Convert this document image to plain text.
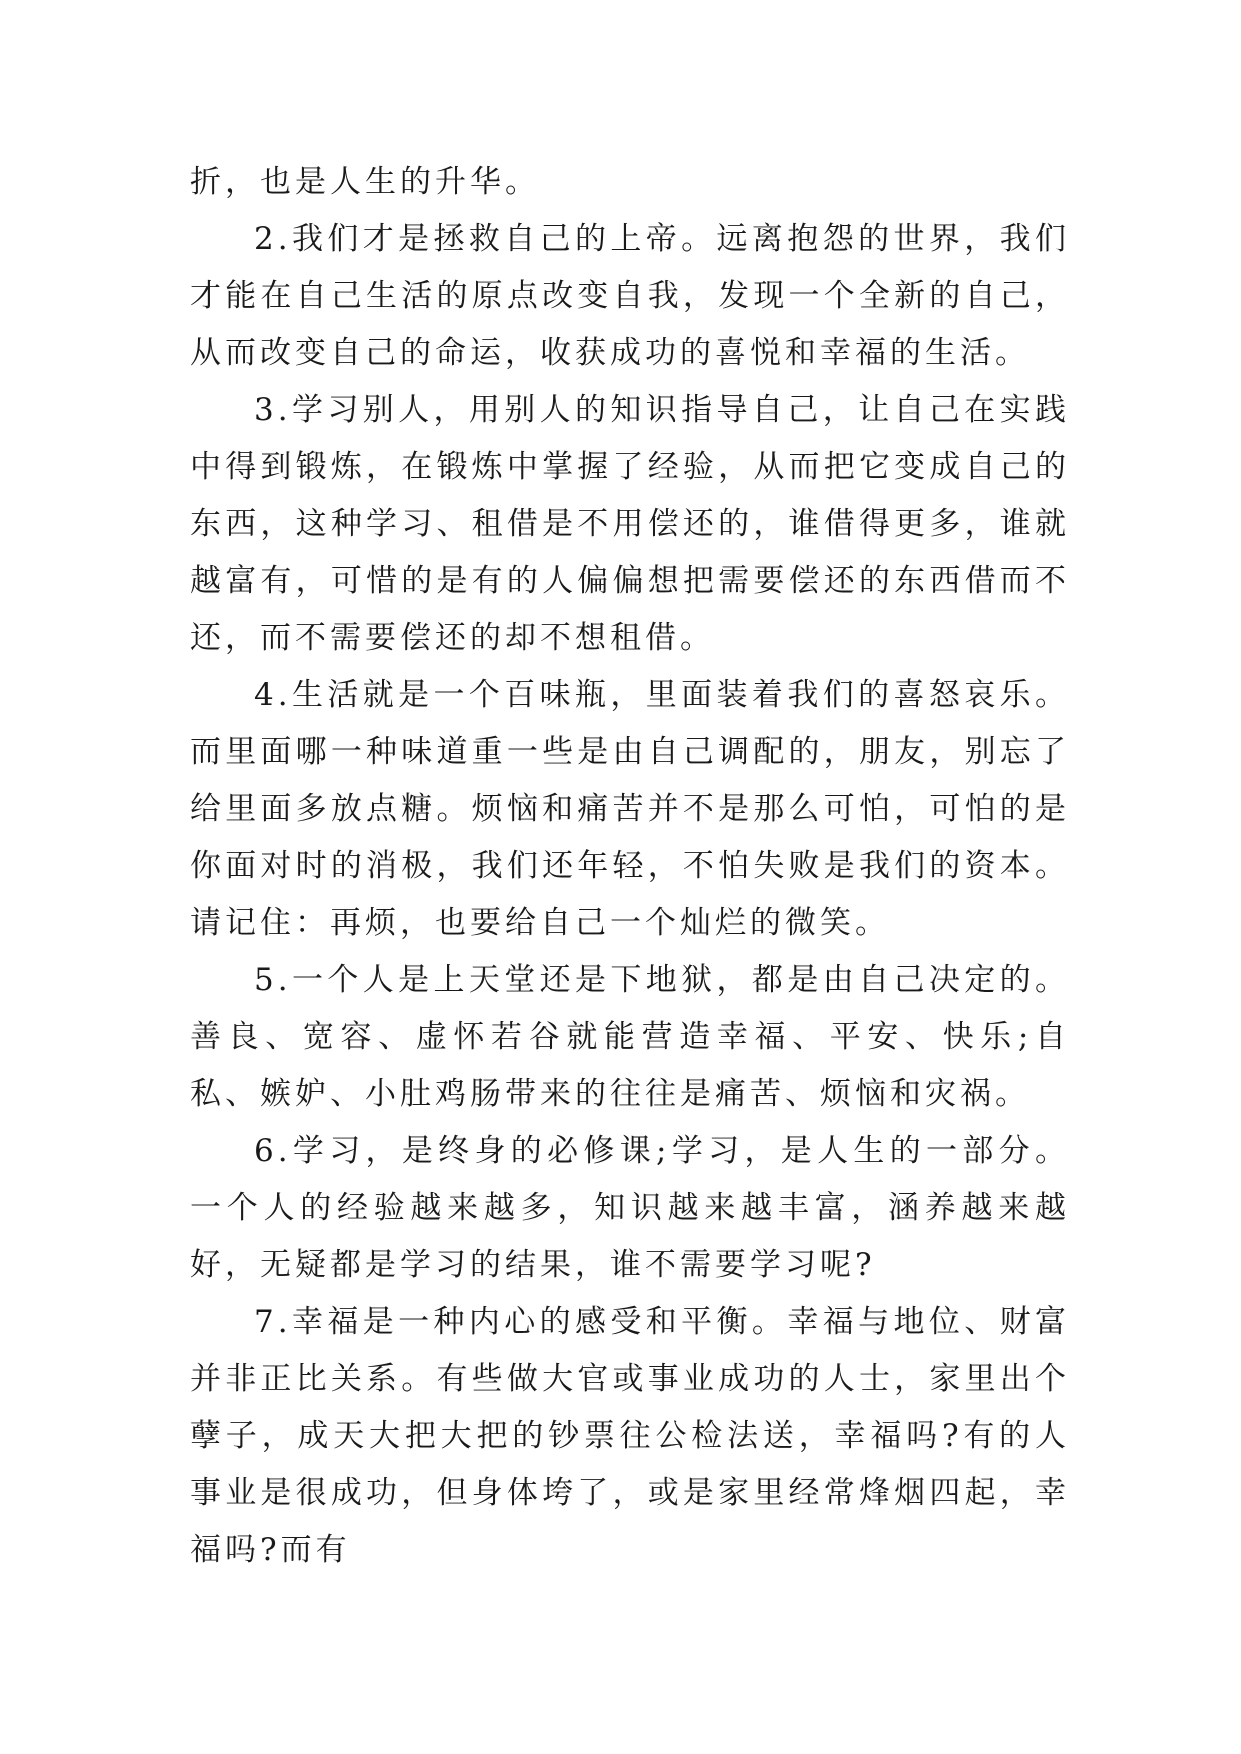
折，也是人生的升华。

2.我们才是拯救自己的上帝。远离抱怨的世界，我们才能在自己生活的原点改变自我，发现一个全新的自己，从而改变自己的命运，收获成功的喜悦和幸福的生活。

3.学习别人，用别人的知识指导自己，让自己在实践中得到锻炼，在锻炼中掌握了经验，从而把它变成自己的东西，这种学习、租借是不用偿还的，谁借得更多，谁就越富有，可惜的是有的人偏偏想把需要偿还的东西借而不还，而不需要偿还的却不想租借。

4.生活就是一个百味瓶，里面装着我们的喜怒哀乐。而里面哪一种味道重一些是由自己调配的，朋友，别忘了给里面多放点糖。烦恼和痛苦并不是那么可怕，可怕的是你面对时的消极，我们还年轻，不怕失败是我们的资本。请记住：再烦，也要给自己一个灿烂的微笑。

5.一个人是上天堂还是下地狱，都是由自己决定的。善良、宽容、虚怀若谷就能营造幸福、平安、快乐;自私、嫉妒、小肚鸡肠带来的往往是痛苦、烦恼和灾祸。

6.学习，是终身的必修课;学习，是人生的一部分。一个人的经验越来越多，知识越来越丰富，涵养越来越好，无疑都是学习的结果，谁不需要学习呢?

7.幸福是一种内心的感受和平衡。幸福与地位、财富并非正比关系。有些做大官或事业成功的人士，家里出个孽子，成天大把大把的钞票往公检法送，幸福吗?有的人事业是很成功，但身体垮了，或是家里经常烽烟四起，幸福吗?而有
